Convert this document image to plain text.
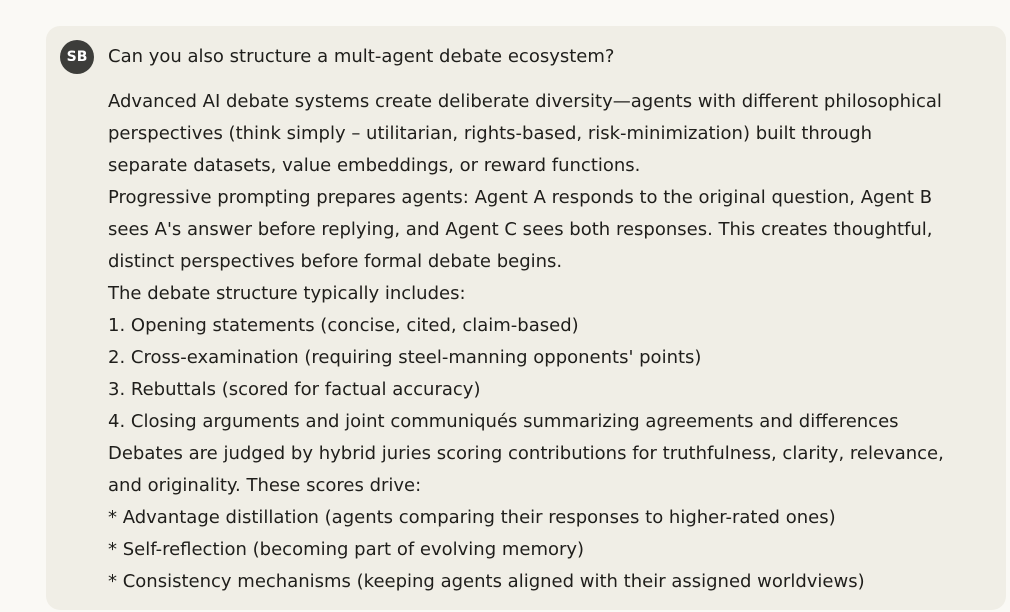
SB	Can you also structure a mult-agent debate ecosystem?
Advanced AI debate systems create deliberate diversity—agents with different philosophical
perspectives (think simply – utilitarian, rights-based, risk-minimization) built through
separate datasets, value embeddings, or reward functions.
Progressive prompting prepares agents: Agent A responds to the original question, Agent B
sees A's answer before replying, and Agent C sees both responses. This creates thoughtful,
distinct perspectives before formal debate begins.
The debate structure typically includes:
1. Opening statements (concise, cited, claim-based)
2. Cross-examination (requiring steel-manning opponents' points)
3. Rebuttals (scored for factual accuracy)
4. Closing arguments and joint communiqués summarizing agreements and differences
Debates are judged by hybrid juries scoring contributions for truthfulness, clarity, relevance,
and originality. These scores drive:
* Advantage distillation (agents comparing their responses to higher-rated ones)
* Self-reflection (becoming part of evolving memory)
* Consistency mechanisms (keeping agents aligned with their assigned worldviews)
